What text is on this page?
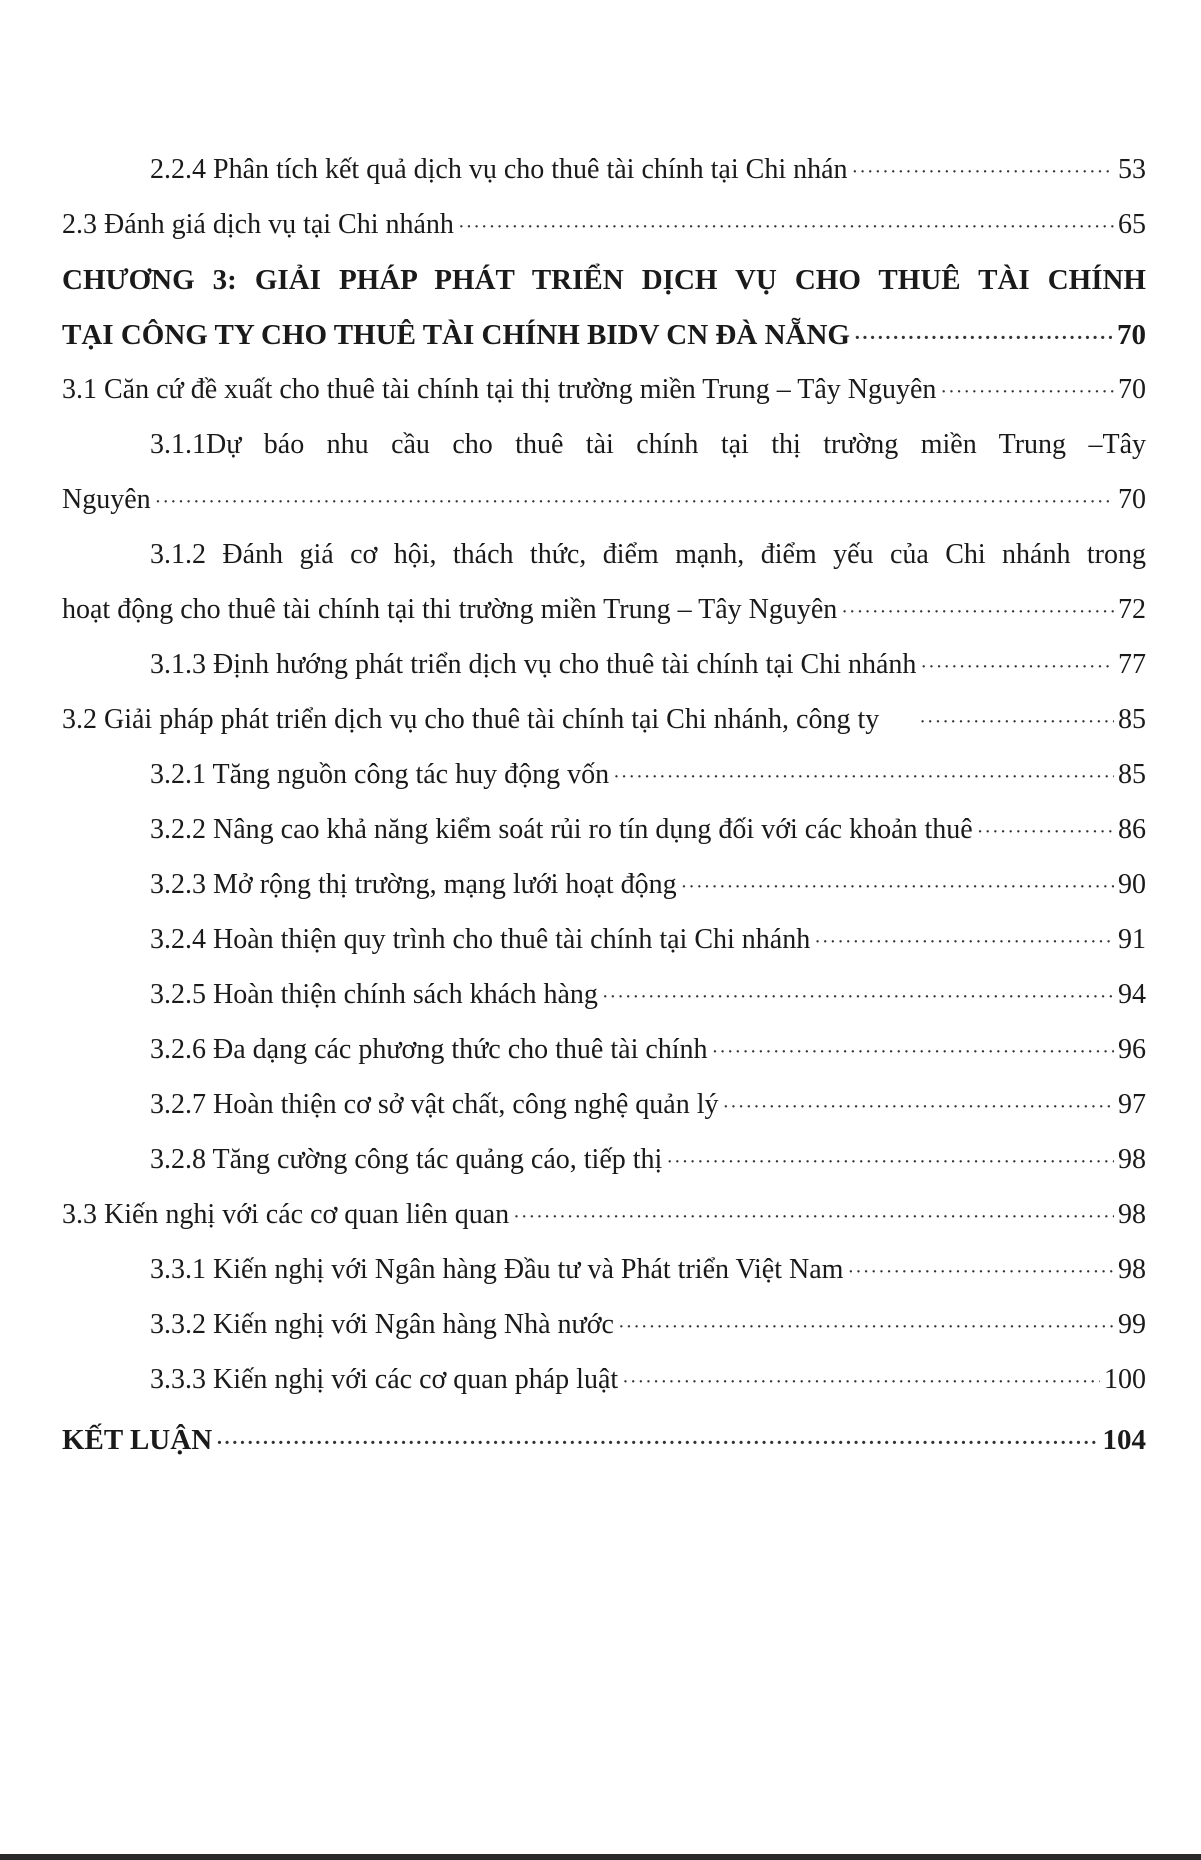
2.2.4 Phân tích kết quả dịch vụ cho thuê tài chính tại Chi nhán ·····	53
2.3 Đánh giá dịch vụ tại Chi nhánh ·····	65
CHƯƠNG 3: GIẢI PHÁP PHÁT TRIỂN DỊCH VỤ CHO THUÊ TÀI CHÍNH
TẠI CÔNG TY CHO THUÊ TÀI CHÍNH BIDV CN ĐÀ NẴNG ·····	70
3.1 Căn cứ đề xuất cho thuê tài chính tại thị trường miền Trung – Tây Nguyên ·····	70
3.1.1Dự báo nhu cầu cho thuê tài chính tại thị trường miền Trung –Tây
Nguyên ·····	70
3.1.2 Đánh giá cơ hội, thách thức, điểm mạnh, điểm yếu của Chi nhánh trong
hoạt động cho thuê tài chính tại thi trường miền Trung – Tây Nguyên ·····	72
3.1.3 Định hướng phát triển dịch vụ cho thuê tài chính tại Chi nhánh ·····	77
3.2 Giải pháp phát triển dịch vụ cho thuê tài chính tại Chi nhánh, công ty ·····	85
3.2.1 Tăng nguồn công tác huy động vốn ·····	85
3.2.2 Nâng cao khả năng kiểm soát rủi ro tín dụng đối với các khoản thuê ·····	86
3.2.3 Mở rộng thị trường, mạng lưới hoạt động ·····	90
3.2.4 Hoàn thiện quy trình cho thuê tài chính tại Chi nhánh ·····	91
3.2.5 Hoàn thiện chính sách khách hàng ·····	94
3.2.6 Đa dạng các phương thức cho thuê tài chính ·····	96
3.2.7 Hoàn thiện cơ sở vật chất, công nghệ quản lý ·····	97
3.2.8 Tăng cường công tác quảng cáo, tiếp thị ·····	98
3.3 Kiến nghị với các cơ quan liên quan ·····	98
3.3.1 Kiến nghị với Ngân hàng Đầu tư và Phát triển Việt Nam ·····	98
3.3.2 Kiến nghị với Ngân hàng Nhà nước ·····	99
3.3.3 Kiến nghị với các cơ quan pháp luật ·····	100
KẾT LUẬN ·····	104
